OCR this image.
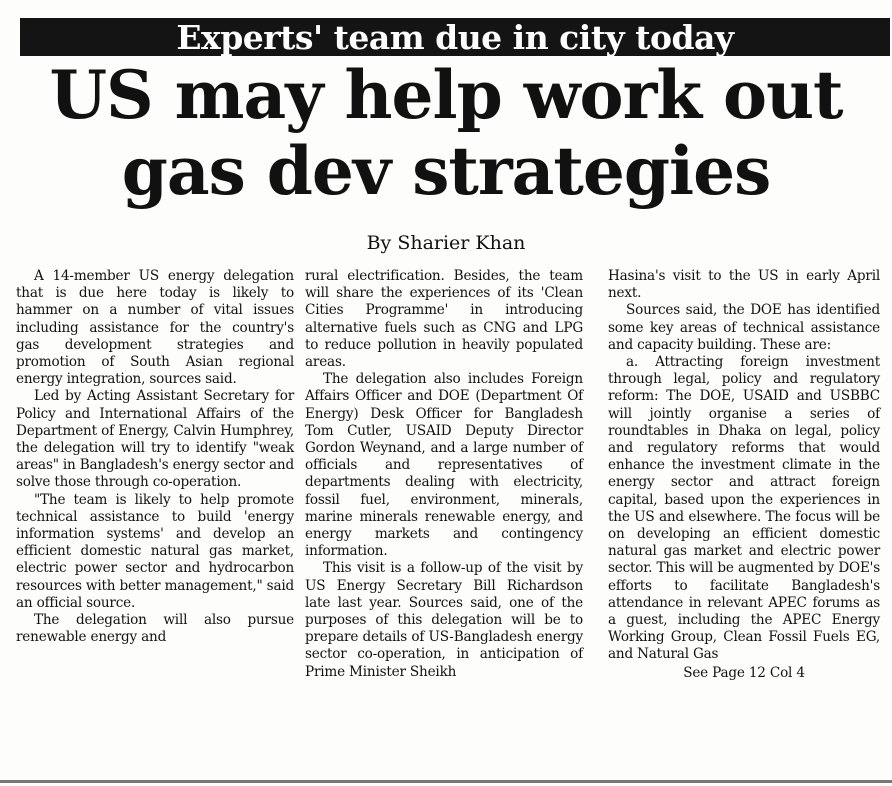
Experts' team due in city today
US may help work out
gas dev strategies
By Sharier Khan

A 14-member US energy delegation that is due here today is likely to hammer on a number of vital issues including assistance for the country's gas development strategies and promotion of South Asian regional energy integration, sources said.

Led by Acting Assistant Secretary for Policy and International Affairs of the Department of Energy, Calvin Humphrey, the delegation will try to identify "weak areas" in Bangladesh's energy sector and solve those through co-operation.

"The team is likely to help promote technical assistance to build 'energy information systems' and develop an efficient domestic natural gas market, electric power sector and hydrocarbon resources with better management," said an official source.

The delegation will also pursue renewable energy and

rural electrification. Besides, the team will share the experiences of its 'Clean Cities Programme' in introducing alternative fuels such as CNG and LPG to reduce pollution in heavily populated areas.

The delegation also includes Foreign Affairs Officer and DOE (Department Of Energy) Desk Officer for Bangladesh Tom Cutler, USAID Deputy Director Gordon Weynand, and a large number of officials and representatives of departments dealing with electricity, fossil fuel, environment, minerals, marine minerals renewable energy, and energy markets and contingency information.

This visit is a follow-up of the visit by US Energy Secretary Bill Richardson late last year. Sources said, one of the purposes of this delegation will be to prepare details of US-Bangladesh energy sector co-operation, in anticipation of Prime Minister Sheikh

Hasina's visit to the US in early April next.

Sources said, the DOE has identified some key areas of technical assistance and capacity building. These are:

a. Attracting foreign investment through legal, policy and regulatory reform: The DOE, USAID and USBBC will jointly organise a series of roundtables in Dhaka on legal, policy and regulatory reforms that would enhance the investment climate in the energy sector and attract foreign capital, based upon the experiences in the US and elsewhere. The focus will be on developing an efficient domestic natural gas market and electric power sector. This will be augmented by DOE's efforts to facilitate Bangladesh's attendance in relevant APEC forums as a guest, including the APEC Energy Working Group, Clean Fossil Fuels EG, and Natural Gas

See Page 12 Col 4
